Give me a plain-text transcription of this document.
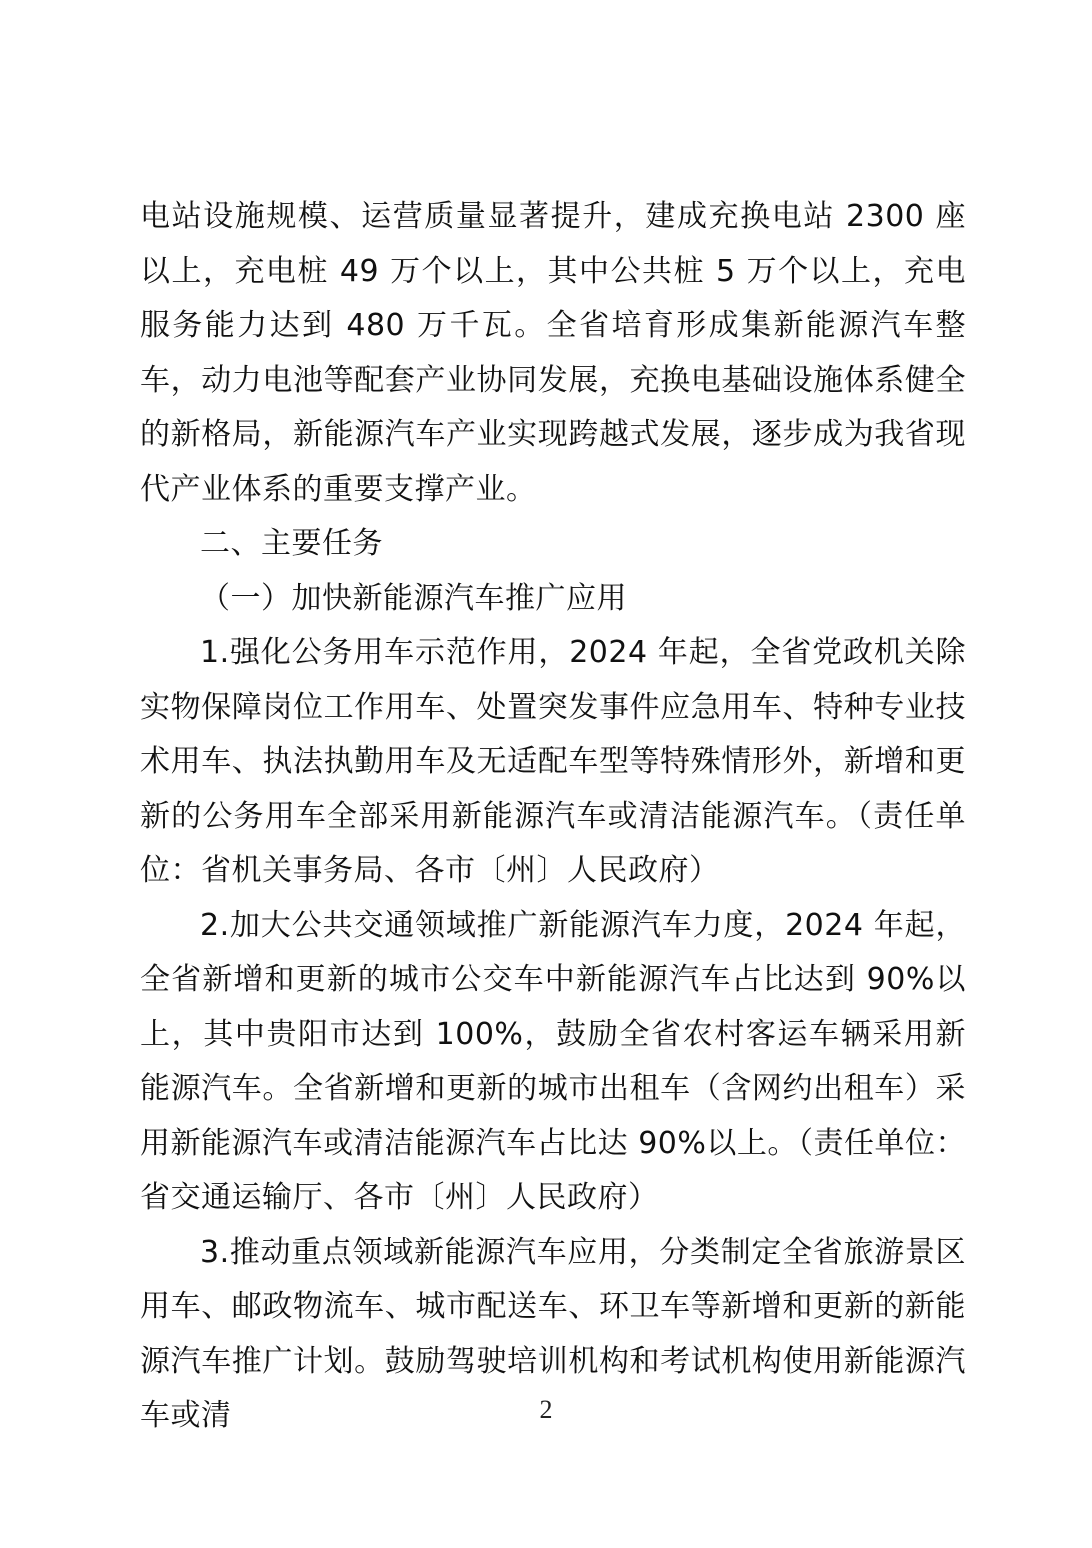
电站设施规模、运营质量显著提升，建成充换电站 2300 座以上，充电桩 49 万个以上，其中公共桩 5 万个以上，充电服务能力达到 480 万千瓦。全省培育形成集新能源汽车整车，动力电池等配套产业协同发展，充换电基础设施体系健全的新格局，新能源汽车产业实现跨越式发展，逐步成为我省现代产业体系的重要支撑产业。

二、主要任务

（一）加快新能源汽车推广应用

1.强化公务用车示范作用，2024 年起，全省党政机关除实物保障岗位工作用车、处置突发事件应急用车、特种专业技术用车、执法执勤用车及无适配车型等特殊情形外，新增和更新的公务用车全部采用新能源汽车或清洁能源汽车。（责任单位：省机关事务局、各市〔州〕人民政府）

2.加大公共交通领域推广新能源汽车力度，2024 年起，全省新增和更新的城市公交车中新能源汽车占比达到 90%以上，其中贵阳市达到 100%，鼓励全省农村客运车辆采用新能源汽车。全省新增和更新的城市出租车（含网约出租车）采用新能源汽车或清洁能源汽车占比达 90%以上。（责任单位：省交通运输厅、各市〔州〕人民政府）

3.推动重点领域新能源汽车应用，分类制定全省旅游景区用车、邮政物流车、城市配送车、环卫车等新增和更新的新能源汽车推广计划。鼓励驾驶培训机构和考试机构使用新能源汽车或清	2
